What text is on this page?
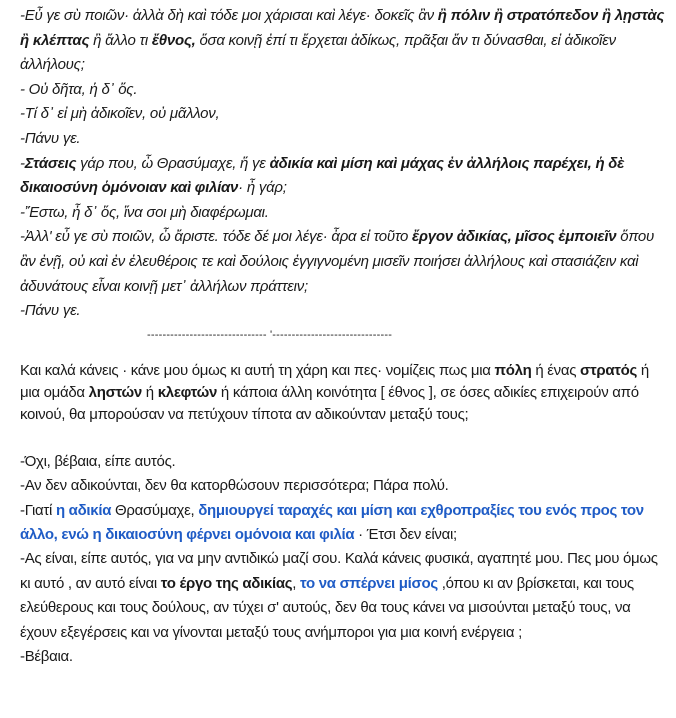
-Εὖ γε σὺ ποιῶν· ἀλλὰ δὴ καὶ τόδε μοι χάρισαι καὶ λέγε· δοκεῖς ἂν ἢ πόλιν ἢ στρατόπεδον ἢ λῃστὰς ἢ κλέπτας ἢ ἄλλο τι ἔθνος, ὅσα κοινῇ ἐπί τι ἔρχεται ἀδίκως, πρᾶξαι ἄν τι δύνασθαι, εἰ ἀδικοῖεν ἀλλήλους;

- Οὐ δῆτα, ἡ δ᾽ ὅς.

-Τί δ᾽ εἰ μὴ ἀδικοῖεν, οὐ μᾶλλον,

-Πάνυ γε.

-Στάσεις γάρ που, ὦ Θρασύμαχε, ἥ γε ἀδικία καὶ μίση καὶ μάχας ἐν ἀλλήλοις παρέχει, ἡ δὲ δικαιοσύνη ὁμόνοιαν καὶ φιλίαν· ἦ γάρ;

-Ἔστω, ἦ δ᾽ ὅς, ἵνα σοι μὴ διαφέρωμαι.

-Ἀλλ' εὖ γε σὺ ποιῶν, ὦ ἄριστε. τόδε δέ μοι λέγε· ἆρα εἰ τοῦτο ἔργον ἀδικίας, μῖσος ἐμποιεῖν ὅπου ἂν ἐνῇ, οὐ καὶ ἐν ἐλευθέροις τε καὶ δούλοις ἐγγιγνομένη μισεῖν ποιήσει ἀλλήλους καὶ στασιάζειν καὶ ἀδυνάτους εἶναι κοινῇ μετ᾽ ἀλλήλων πράττειν;

-Πάνυ γε.

------------------------------- '-------------------------------

Και καλά κάνεις · κάνε μου όμως κι αυτή τη χάρη και πες· νομίζεις πως μια πόλη ή ένας στρατός ή μια ομάδα ληστών ή κλεφτών ή κάποια άλλη κοινότητα [ έθνος ], σε όσες αδικίες επιχειρούν από κοινού, θα μπορούσαν να πετύχουν τίποτα αν αδικούνταν μεταξύ τους;

-Όχι, βέβαια, είπε αυτός.

-Αν δεν αδικούνται, δεν θα κατορθώσουν περισσότερα; Πάρα πολύ.

-Γιατί η αδικία Θρασύμαχε, δημιουργεί ταραχές και μίση και εχθροπραξίες του ενός προς τον άλλο, ενώ η δικαιοσύνη φέρνει ομόνοια και φιλία · Έτσι δεν είναι;

-Ας είναι, είπε αυτός, για να μην αντιδικώ μαζί σου. Καλά κάνεις φυσικά, αγαπητέ μου. Πες μου όμως κι αυτό , αν αυτό είναι το έργο της αδικίας, το να σπέρνει μίσος ,όπου κι αν βρίσκεται, και τους ελεύθερους και τους δούλους, αν τύχει σ' αυτούς, δεν θα τους κάνει να μισούνται μεταξύ τους, να έχουν εξεγέρσεις και να γίνονται μεταξύ τους ανήμποροι για μια κοινή ενέργεια ;

-Βέβαια.
